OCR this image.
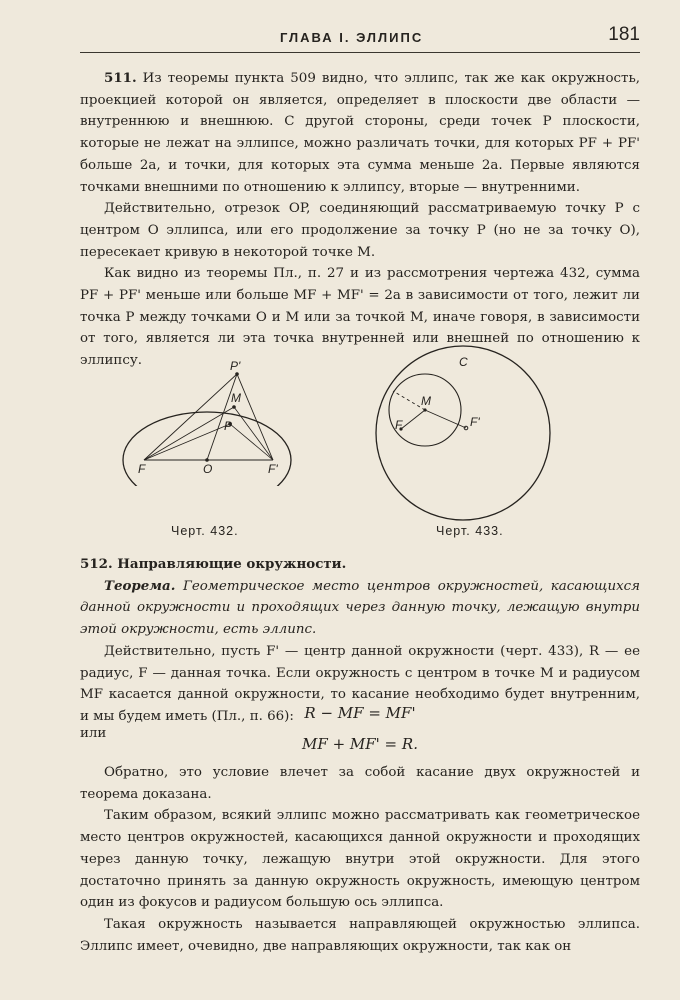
ГЛАВА I. ЭЛЛИПС	181

511. Из теоремы пункта 509 видно, что эллипс, так же как окружность, проекцией которой он является, определяет в плоскости две области — внутреннюю и внешнюю. С другой стороны, среди точек P плоскости, которые не лежат на эллипсе, можно различать точки, для которых PF + PF' больше 2a, и точки, для которых эта сумма меньше 2a. Первые являются точками внешними по отношению к эллипсу, вторые — внутренними.

Действительно, отрезок OP, соединяющий рассматриваемую точку P с центром O эллипса, или его продолжение за точку P (но не за точку O), пересекает кривую в некоторой точке M.

Как видно из теоремы Пл., п. 27 и из рассмотрения чертежа 432, сумма PF + PF' меньше или больше MF + MF' = 2a в зависимости от того, лежит ли точка P между точками O и M или за точкой M, иначе говоря, в зависимости от того, является ли эта точка внутренней или внешней по отношению к эллипсу.	P'
M
P
F	O	F'
Черт. 432.
C
M
F	F'
Черт. 433.

512. Направляющие окружности.

Теорема. Геометрическое место центров окружностей, касающихся данной окружности и проходящих через данную точку, лежащую внутри этой окружности, есть эллипс.

Действительно, пусть F' — центр данной окружности (черт. 433), R — ее радиус, F — данная точка. Если окружность с центром в точке M и радиусом MF касается данной окружности, то касание необходимо будет внутренним, и мы будем иметь (Пл., п. 66): R − MF = MF'
или
MF + MF' = R.

Обратно, это условие влечет за собой касание двух окружностей и теорема доказана.

Таким образом, всякий эллипс можно рассматривать как геометрическое место центров окружностей, касающихся данной окружности и проходящих через данную точку, лежащую внутри этой окружности. Для этого достаточно принять за данную окружность окружность, имеющую центром один из фокусов и радиусом большую ось эллипса.

Такая окружность называется направляющей окружностью эллипса. Эллипс имеет, очевидно, две направляющих окружности, так как он
